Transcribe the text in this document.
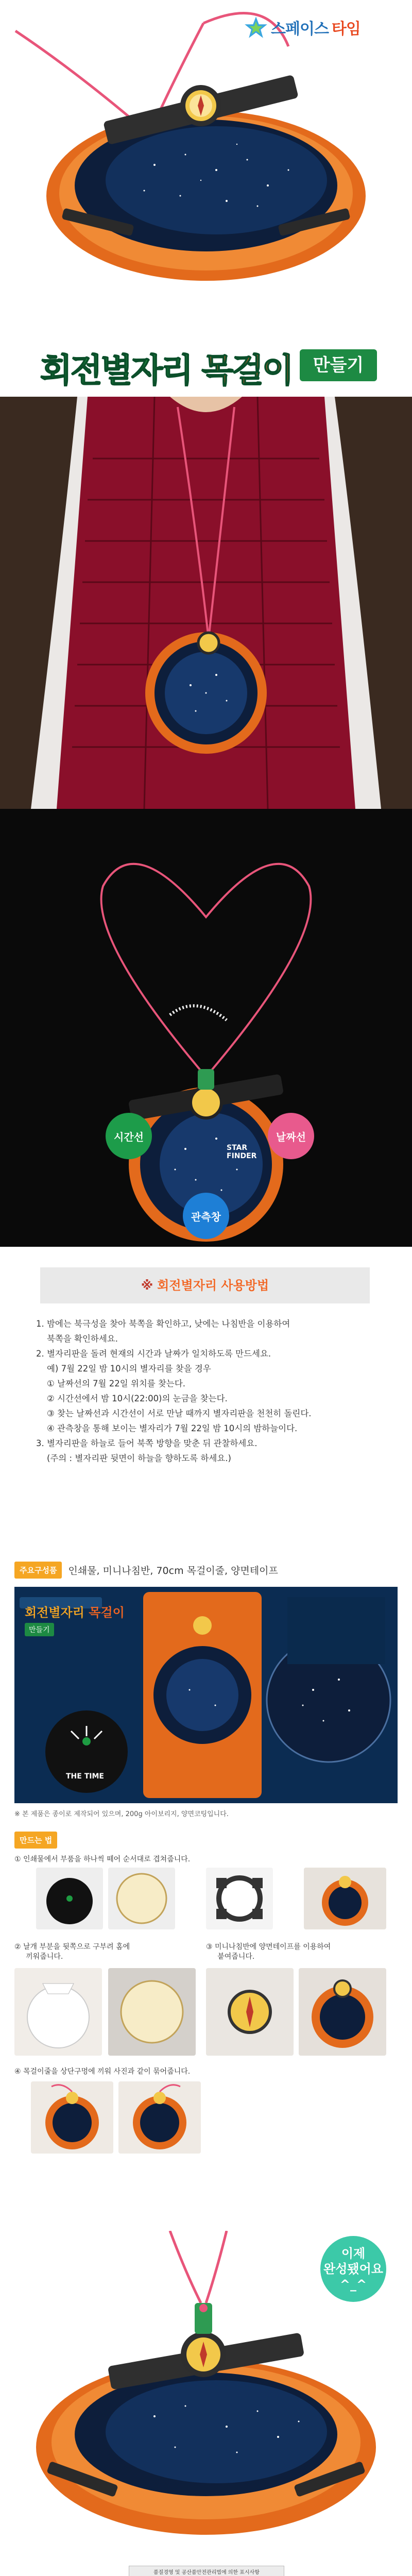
스페이스 타임
회전별자리 목걸이	만들기
시간선	날짜선
관측창
STAR FINDER
※ 회전별자리 사용방법
1. 밤에는 북극성을 찾아 북쪽을 확인하고, 낮에는 나침반을 이용하여
북쪽을 확인하세요.
2. 별자리판을 돌려 현재의 시간과 날짜가 일치하도록 만드세요.
예) 7월 22일 밤 10시의 별자리를 찾을 경우
① 날짜선의 7월 22일 위치를 찾는다.
② 시간선에서 밤 10시(22:00)의 눈금을 찾는다.
③ 찾는 날짜선과 시간선이 서로 만날 때까지 별자리판을 천천히 돌린다.
④ 관측창을 통해 보이는 별자리가 7월 22일 밤 10시의 밤하늘이다.
3. 별자리판을 하늘로 들어 북쪽 방향을 맞춘 뒤 관찰하세요.
(주의 : 별자리판 뒷면이 하늘을 향하도록 하세요.)
주요구성품	인쇄물, 미니나침반, 70cm 목걸이줄, 양면테이프
회전별자리 목걸이
만들기
THE TIME
※ 본 제품은 종이로 제작되어 있으며, 200g 아이보리지, 양면코팅입니다.
만드는 법
① 인쇄물에서 부품을 하나씩 떼어 순서대로 겹쳐줍니다.
② 날개 부분을 뒷쪽으로 구부려 홈에
끼워줍니다.
③ 미니나침반에 양면테이프를 이용하여
붙여줍니다.
④ 목걸이줄을 상단구멍에 끼워 사진과 같이 묶어줍니다.
이제
완성됐어요
^_^
품질경영 및 공산품안전관리법에 의한 표시사항
